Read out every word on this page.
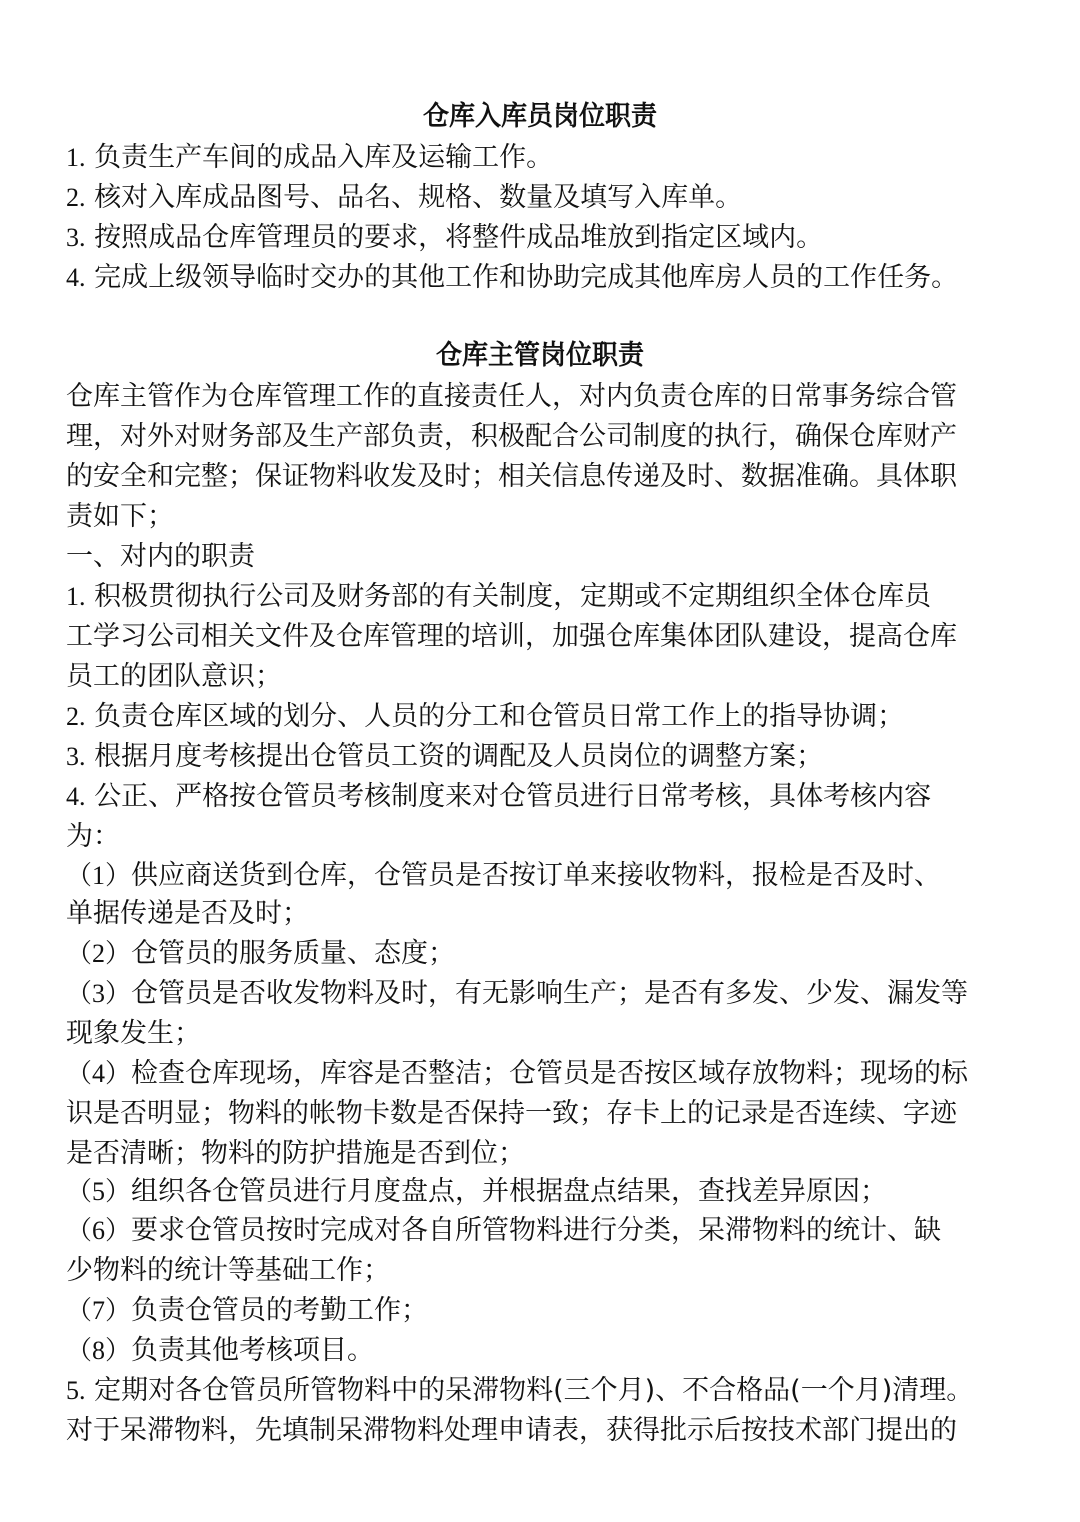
仓库入库员岗位职责
1. 负责生产车间的成品入库及运输工作。
2. 核对入库成品图号、品名、规格、数量及填写入库单。
3. 按照成品仓库管理员的要求，将整件成品堆放到指定区域内。
4. 完成上级领导临时交办的其他工作和协助完成其他库房人员的工作任务。
仓库主管岗位职责
仓库主管作为仓库管理工作的直接责任人，对内负责仓库的日常事务综合管
理，对外对财务部及生产部负责，积极配合公司制度的执行，确保仓库财产
的安全和完整；保证物料收发及时；相关信息传递及时、数据准确。具体职
责如下；
一、对内的职责
1. 积极贯彻执行公司及财务部的有关制度，定期或不定期组织全体仓库员
工学习公司相关文件及仓库管理的培训，加强仓库集体团队建设，提高仓库
员工的团队意识；
2. 负责仓库区域的划分、人员的分工和仓管员日常工作上的指导协调；
3. 根据月度考核提出仓管员工资的调配及人员岗位的调整方案；
4. 公正、严格按仓管员考核制度来对仓管员进行日常考核，具体考核内容
为：
（1）供应商送货到仓库，仓管员是否按订单来接收物料，报检是否及时、
单据传递是否及时；
（2）仓管员的服务质量、态度；
（3）仓管员是否收发物料及时，有无影响生产；是否有多发、少发、漏发等
现象发生；
（4）检查仓库现场，库容是否整洁；仓管员是否按区域存放物料；现场的标
识是否明显；物料的帐物卡数是否保持一致；存卡上的记录是否连续、字迹
是否清晰；物料的防护措施是否到位；
（5）组织各仓管员进行月度盘点，并根据盘点结果，查找差异原因；
（6）要求仓管员按时完成对各自所管物料进行分类，呆滞物料的统计、缺
少物料的统计等基础工作；
（7）负责仓管员的考勤工作；
（8）负责其他考核项目。
5. 定期对各仓管员所管物料中的呆滞物料(三个月)、不合格品(一个月)清理。
对于呆滞物料，先填制呆滞物料处理申请表，获得批示后按技术部门提出的
